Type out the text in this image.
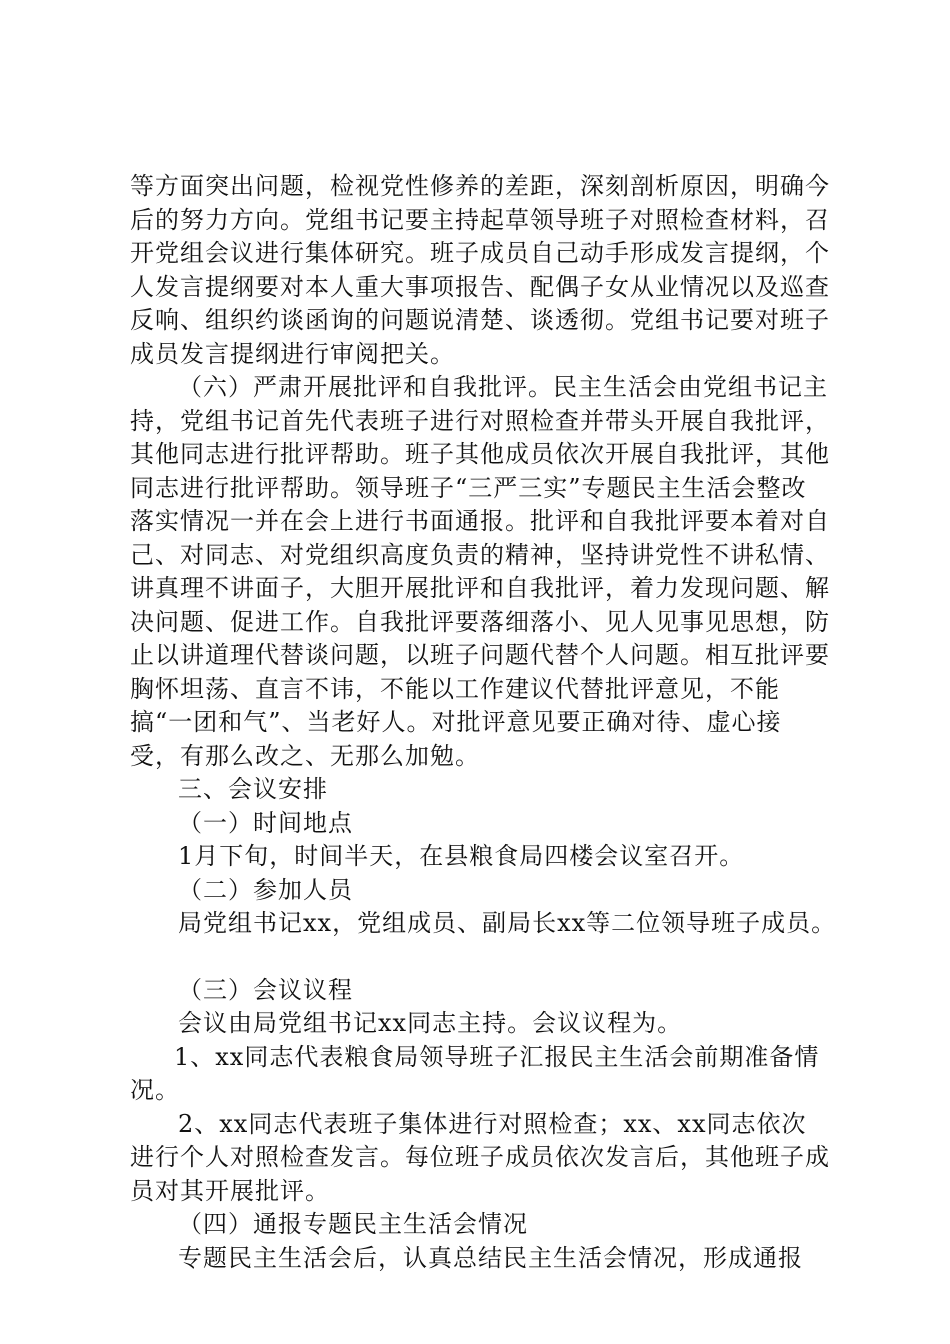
等方面突出问题，检视党性修养的差距，深刻剖析原因，明确今后的努力方向。党组书记要主持起草领导班子对照检查材料，召开党组会议进行集体研究。班子成员自己动手形成发言提纲，个人发言提纲要对本人重大事项报告、配偶子女从业情况以及巡查反响、组织约谈函询的问题说清楚、谈透彻。党组书记要对班子成员发言提纲进行审阅把关。

（六）严肃开展批评和自我批评。民主生活会由党组书记主持，党组书记首先代表班子进行对照检查并带头开展自我批评，其他同志进行批评帮助。班子其他成员依次开展自我批评，其他同志进行批评帮助。领导班子“三严三实”专题民主生活会整改落实情况一并在会上进行书面通报。批评和自我批评要本着对自己、对同志、对党组织高度负责的精神，坚持讲党性不讲私情、讲真理不讲面子，大胆开展批评和自我批评，着力发现问题、解决问题、促进工作。自我批评要落细落小、见人见事见思想，防止以讲道理代替谈问题，以班子问题代替个人问题。相互批评要胸怀坦荡、直言不讳，不能以工作建议代替批评意见，不能搞“一团和气”、当老好人。对批评意见要正确对待、虚心接受，有那么改之、无那么加勉。

三、会议安排

（一）时间地点

1月下旬，时间半天，在县粮食局四楼会议室召开。

（二）参加人员

局党组书记xx，党组成员、副局长xx等二位领导班子成员。

（三）会议议程

会议由局党组书记xx同志主持。会议议程为。

1、xx同志代表粮食局领导班子汇报民主生活会前期准备情况。

2、xx同志代表班子集体进行对照检查；xx、xx同志依次进行个人对照检查发言。每位班子成员依次发言后，其他班子成员对其开展批评。

（四）通报专题民主生活会情况

专题民主生活会后，认真总结民主生活会情况，形成通报
